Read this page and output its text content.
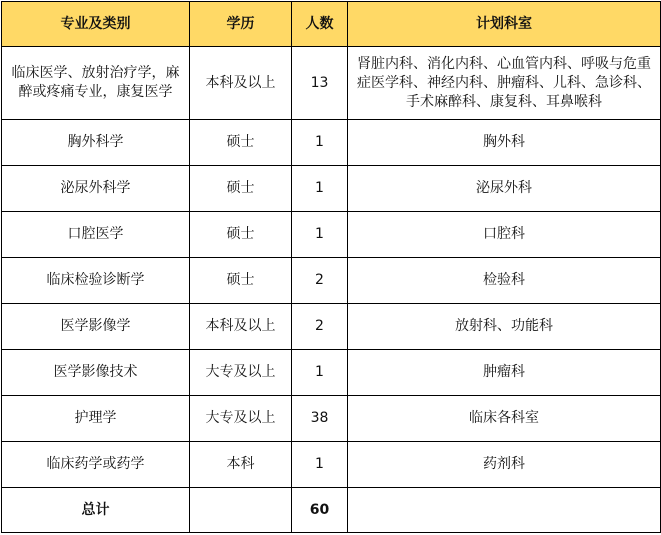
专业及类别	学历	人数	计划科室
临床医学、放射治疗学，麻醉或疼痛专业，康复医学	本科及以上	13	肾脏内科、消化内科、心血管内科、呼吸与危重症医学科、神经内科、肿瘤科、儿科、急诊科、手术麻醉科、康复科、耳鼻喉科
胸外科学	硕士	1	胸外科
泌尿外科学	硕士	1	泌尿外科
口腔医学	硕士	1	口腔科
临床检验诊断学	硕士	2	检验科
医学影像学	本科及以上	2	放射科、功能科
医学影像技术	大专及以上	1	肿瘤科
护理学	大专及以上	38	临床各科室
临床药学或药学	本科	1	药剂科
总计		60	
